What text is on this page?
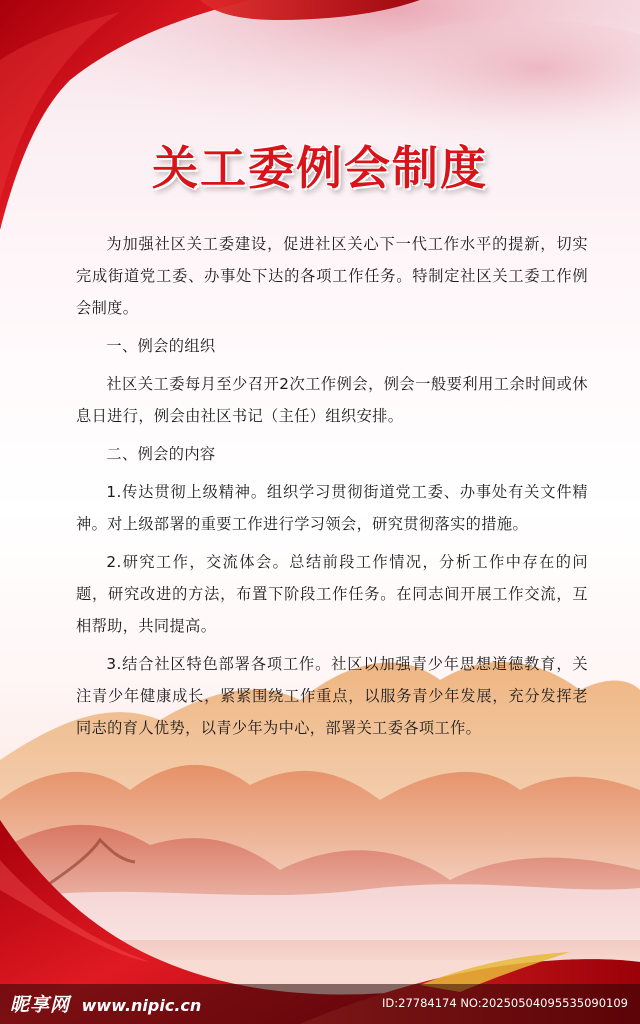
关工委例会制度

为加强社区关工委建设，促进社区关心下一代工作水平的提新，切实完成街道党工委、办事处下达的各项工作任务。特制定社区关工委工作例会制度。

一、例会的组织

社区关工委每月至少召开2次工作例会，例会一般要利用工余时间或休息日进行，例会由社区书记（主任）组织安排。

二、例会的内容

1.传达贯彻上级精神。组织学习贯彻街道党工委、办事处有关文件精神。对上级部署的重要工作进行学习领会，研究贯彻落实的措施。

2.研究工作，交流体会。总结前段工作情况，分析工作中存在的问题，研究改进的方法，布置下阶段工作任务。在同志间开展工作交流，互相帮助，共同提高。

3.结合社区特色部署各项工作。社区以加强青少年思想道德教育，关注青少年健康成长，紧紧围绕工作重点，以服务青少年发展，充分发挥老同志的育人优势，以青少年为中心，部署关工委各项工作。

昵享网 www.nipic.cn	ID:27784174 NO:20250504095535090109
